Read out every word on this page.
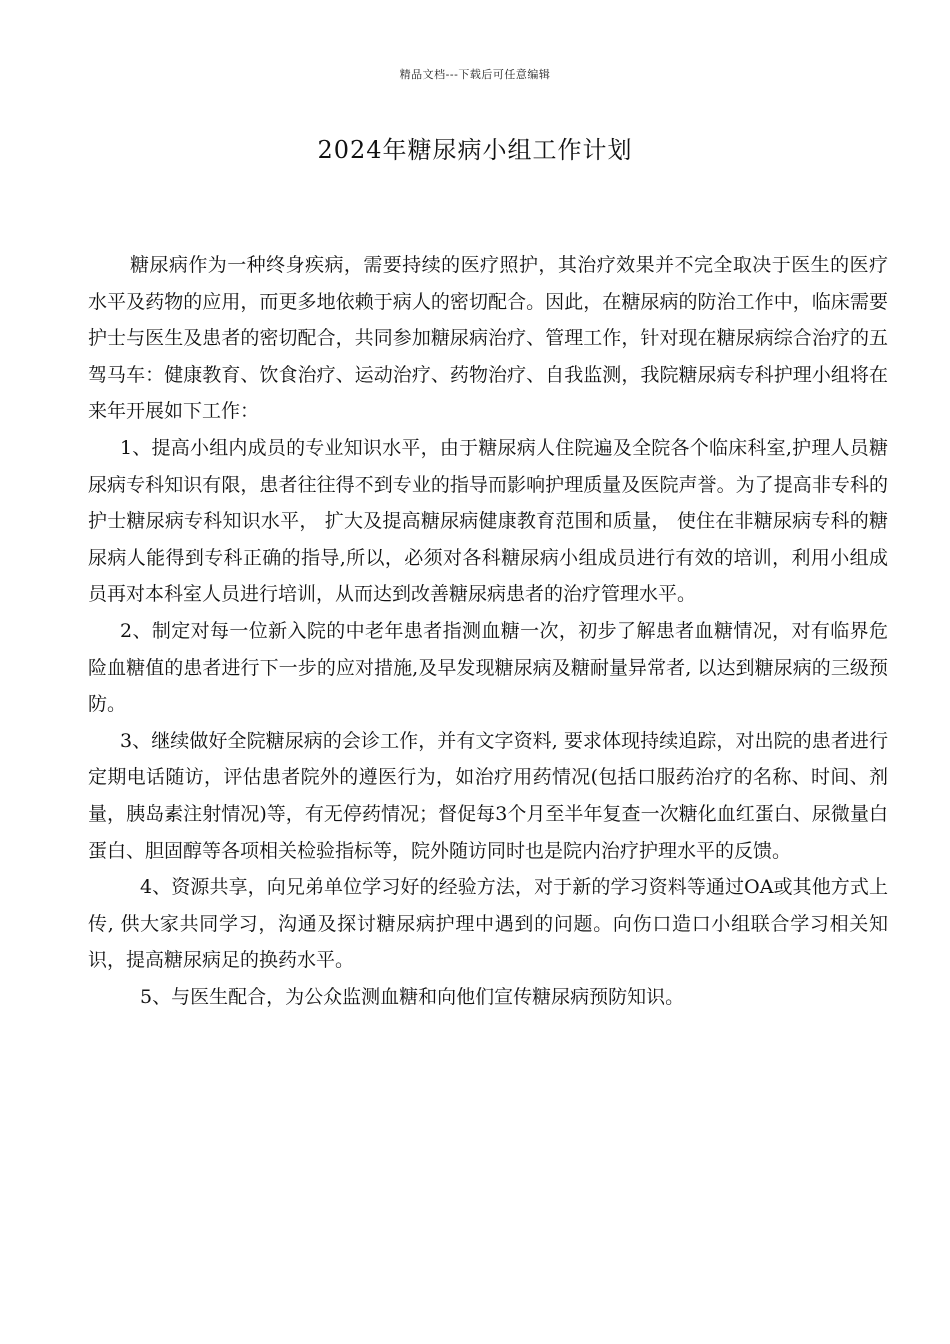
精品文档---下载后可任意编辑
2024年糖尿病小组工作计划

糖尿病作为一种终身疾病，需要持续的医疗照护，其治疗效果并不完全取决于医生的医疗水平及药物的应用，而更多地依赖于病人的密切配合。因此，在糖尿病的防治工作中，临床需要护士与医生及患者的密切配合，共同参加糖尿病治疗、管理工作，针对现在糖尿病综合治疗的五驾马车：健康教育、饮食治疗、运动治疗、药物治疗、自我监测，我院糖尿病专科护理小组将在来年开展如下工作：

1、提高小组内成员的专业知识水平，由于糖尿病人住院遍及全院各个临床科室,护理人员糖尿病专科知识有限，患者往往得不到专业的指导而影响护理质量及医院声誉。为了提高非专科的护士糖尿病专科知识水平， 扩大及提高糖尿病健康教育范围和质量， 使住在非糖尿病专科的糖尿病人能得到专科正确的指导,所以，必须对各科糖尿病小组成员进行有效的培训，利用小组成员再对本科室人员进行培训，从而达到改善糖尿病患者的治疗管理水平。

2、制定对每一位新入院的中老年患者指测血糖一次，初步了解患者血糖情况，对有临界危险血糖值的患者进行下一步的应对措施,及早发现糖尿病及糖耐量异常者, 以达到糖尿病的三级预防。

3、继续做好全院糖尿病的会诊工作，并有文字资料, 要求体现持续追踪，对出院的患者进行定期电话随访，评估患者院外的遵医行为，如治疗用药情况(包括口服药治疗的名称、时间、剂量，胰岛素注射情况)等，有无停药情况；督促每3个月至半年复查一次糖化血红蛋白、尿微量白蛋白、胆固醇等各项相关检验指标等，院外随访同时也是院内治疗护理水平的反馈。

4、资源共享，向兄弟单位学习好的经验方法，对于新的学习资料等通过OA或其他方式上传, 供大家共同学习，沟通及探讨糖尿病护理中遇到的问题。向伤口造口小组联合学习相关知识，提高糖尿病足的换药水平。

5、与医生配合，为公众监测血糖和向他们宣传糖尿病预防知识。
